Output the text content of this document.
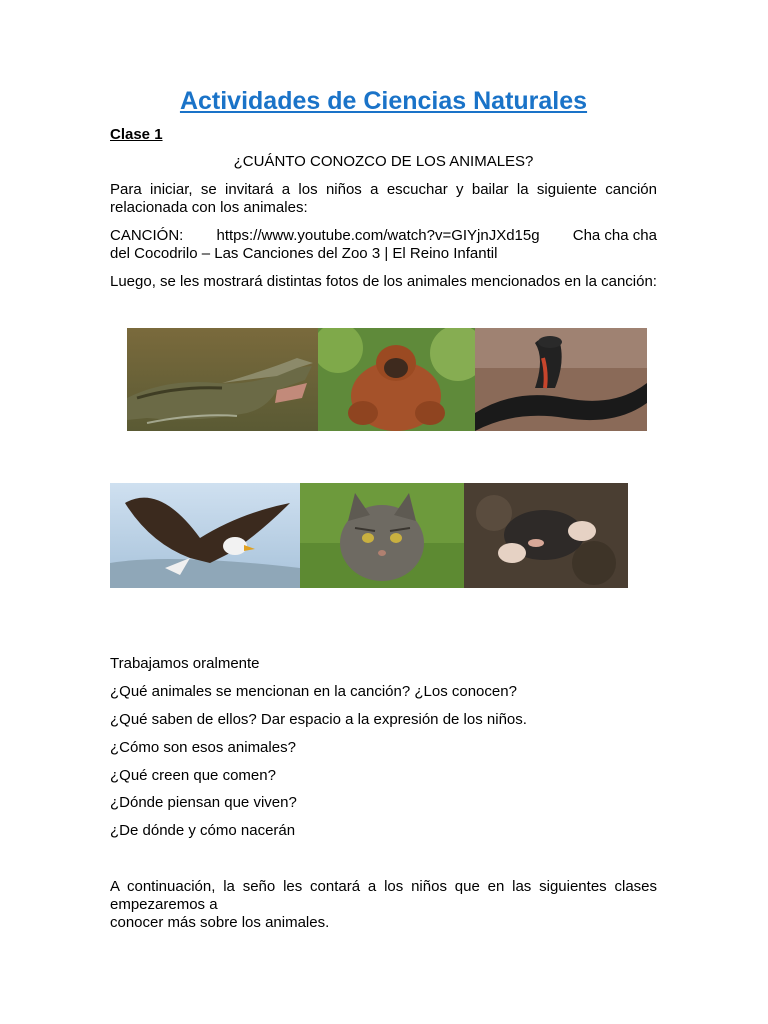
Actividades de Ciencias Naturales

Clase 1

¿CUÁNTO CONOZCO DE LOS ANIMALES?

Para iniciar, se invitará a los niños a escuchar y bailar la siguiente canción relacionada con los animales:

CANCIÓN: https://www.youtube.com/watch?v=GIYjnJXd15g Cha cha cha
del Cocodrilo – Las Canciones del Zoo 3 | El Reino Infantil

Luego, se les mostrará distintas fotos de los animales mencionados en la canción:

Trabajamos oralmente

¿Qué animales se mencionan en la canción? ¿Los conocen?

¿Qué saben de ellos? Dar espacio a la expresión de los niños.

¿Cómo son esos animales?

¿Qué creen que comen?

¿Dónde piensan que viven?

¿De dónde y cómo nacerán

A continuación, la seño les contará a los niños que en las siguientes clases empezaremos a
conocer más sobre los animales.
